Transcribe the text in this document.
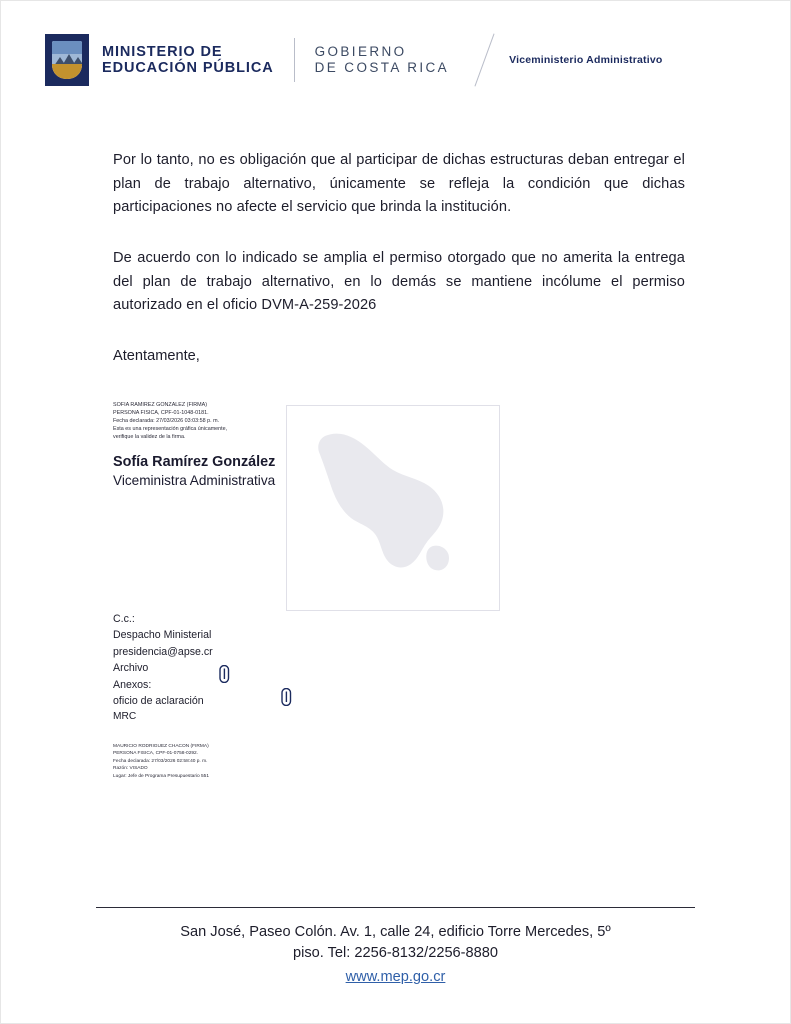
MINISTERIO DE
EDUCACIÓN PÚBLICA
GOBIERNO
DE COSTA RICA	Viceministerio Administrativo

Por lo tanto, no es obligación que al participar de dichas estructuras deban entregar el plan de trabajo alternativo, únicamente se refleja la condición que dichas participaciones no afecte el servicio que brinda la institución.

De acuerdo con lo indicado se amplia el permiso otorgado que no amerita la entrega del plan de trabajo alternativo, en lo demás se mantiene incólume el permiso autorizado en el oficio DVM-A-259-2026

Atentamente,

SOFIA RAMIREZ GONZALEZ (FIRMA)
PERSONA FISICA, CPF-01-1048-0181.
Fecha declarada: 27/03/2026 03:03:58 p. m.
Esta es una representación gráfica únicamente,
verifique la validez de la firma.
Sofía Ramírez González
Viceministra Administrativa
C.c.:
Despacho Ministerial
presidencia@apse.cr
Archivo
Anexos:
oficio de aclaración
MRC
MAURICIO RODRIGUEZ CHACON (FIRMA)
PERSONA FISICA, CPF-01-0758-0292.
Fecha declarada: 27/03/2026 02:58:40 p. m.
Razón: VISADO
Lugar: Jefe de Programa Presupuestario 551
San José, Paseo Colón. Av. 1, calle 24, edificio Torre Mercedes, 5º
piso. Tel: 2256-8132/2256-8880
www.mep.go.cr
